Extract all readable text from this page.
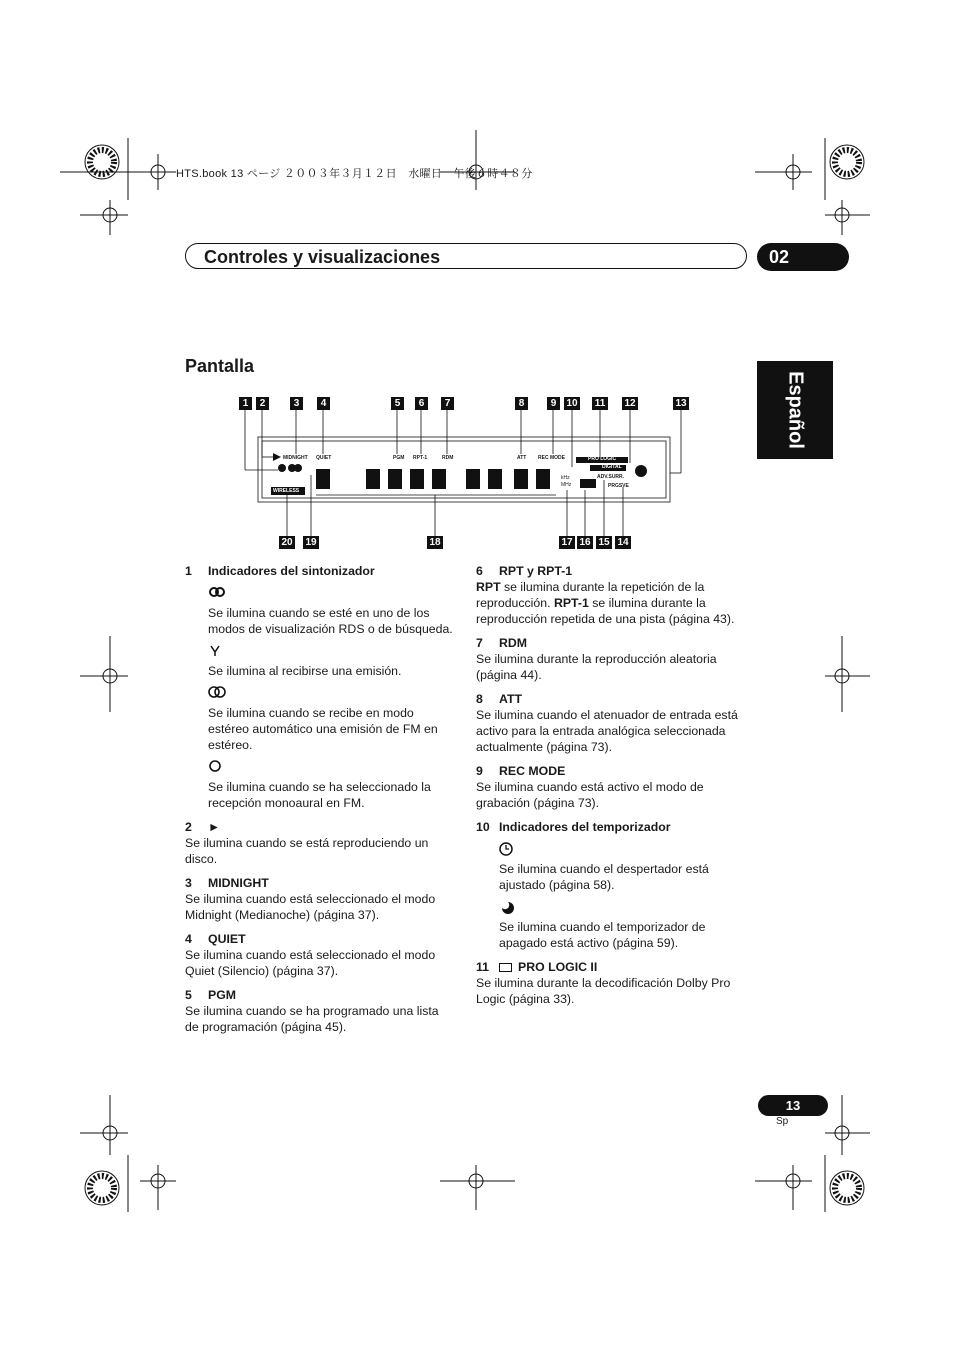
HTS.book 13 ページ ２００３年３月１２日　水曜日　午後６時４８分
Controles y visualizaciones	02
Español
Pantalla
1	2	3	4	5	6	7	8	9	10 11 12	13
20 19	18	17 16 15 14
MIDNIGHT QUIET	PGM RPT-1	RDM	ATT REC MODE	PRO LOGIC
DIGITAL
ADV.SURR.
PRGSVE
WIRELESS
kHz
MHz
1 Indicadores del sintonizador

Se ilumina cuando se esté en uno de los modos de visualización RDS o de búsqueda.

Se ilumina al recibirse una emisión.

Se ilumina cuando se recibe en modo estéreo automático una emisión de FM en estéreo.

Se ilumina cuando se ha seleccionado la recepción monoaural en FM.

2 ►

Se ilumina cuando se está reproduciendo un disco.

3 MIDNIGHT

Se ilumina cuando está seleccionado el modo Midnight (Medianoche) (página 37).

4 QUIET

Se ilumina cuando está seleccionado el modo Quiet (Silencio) (página 37).

5 PGM

Se ilumina cuando se ha programado una lista de programación (página 45).

6 RPT y RPT-1

RPT se ilumina durante la repetición de la reproducción. RPT-1 se ilumina durante la reproducción repetida de una pista (página 43).

7 RDM

Se ilumina durante la reproducción aleatoria (página 44).

8 ATT

Se ilumina cuando el atenuador de entrada está activo para la entrada analógica seleccionada actualmente (página 73).

9 REC MODE

Se ilumina cuando está activo el modo de grabación (página 73).

10 Indicadores del temporizador

Se ilumina cuando el despertador está ajustado (página 58).

Se ilumina cuando el temporizador de apagado está activo (página 59).

11 PRO LOGIC II

Se ilumina durante la decodificación Dolby Pro Logic (página 33).

13
Sp
